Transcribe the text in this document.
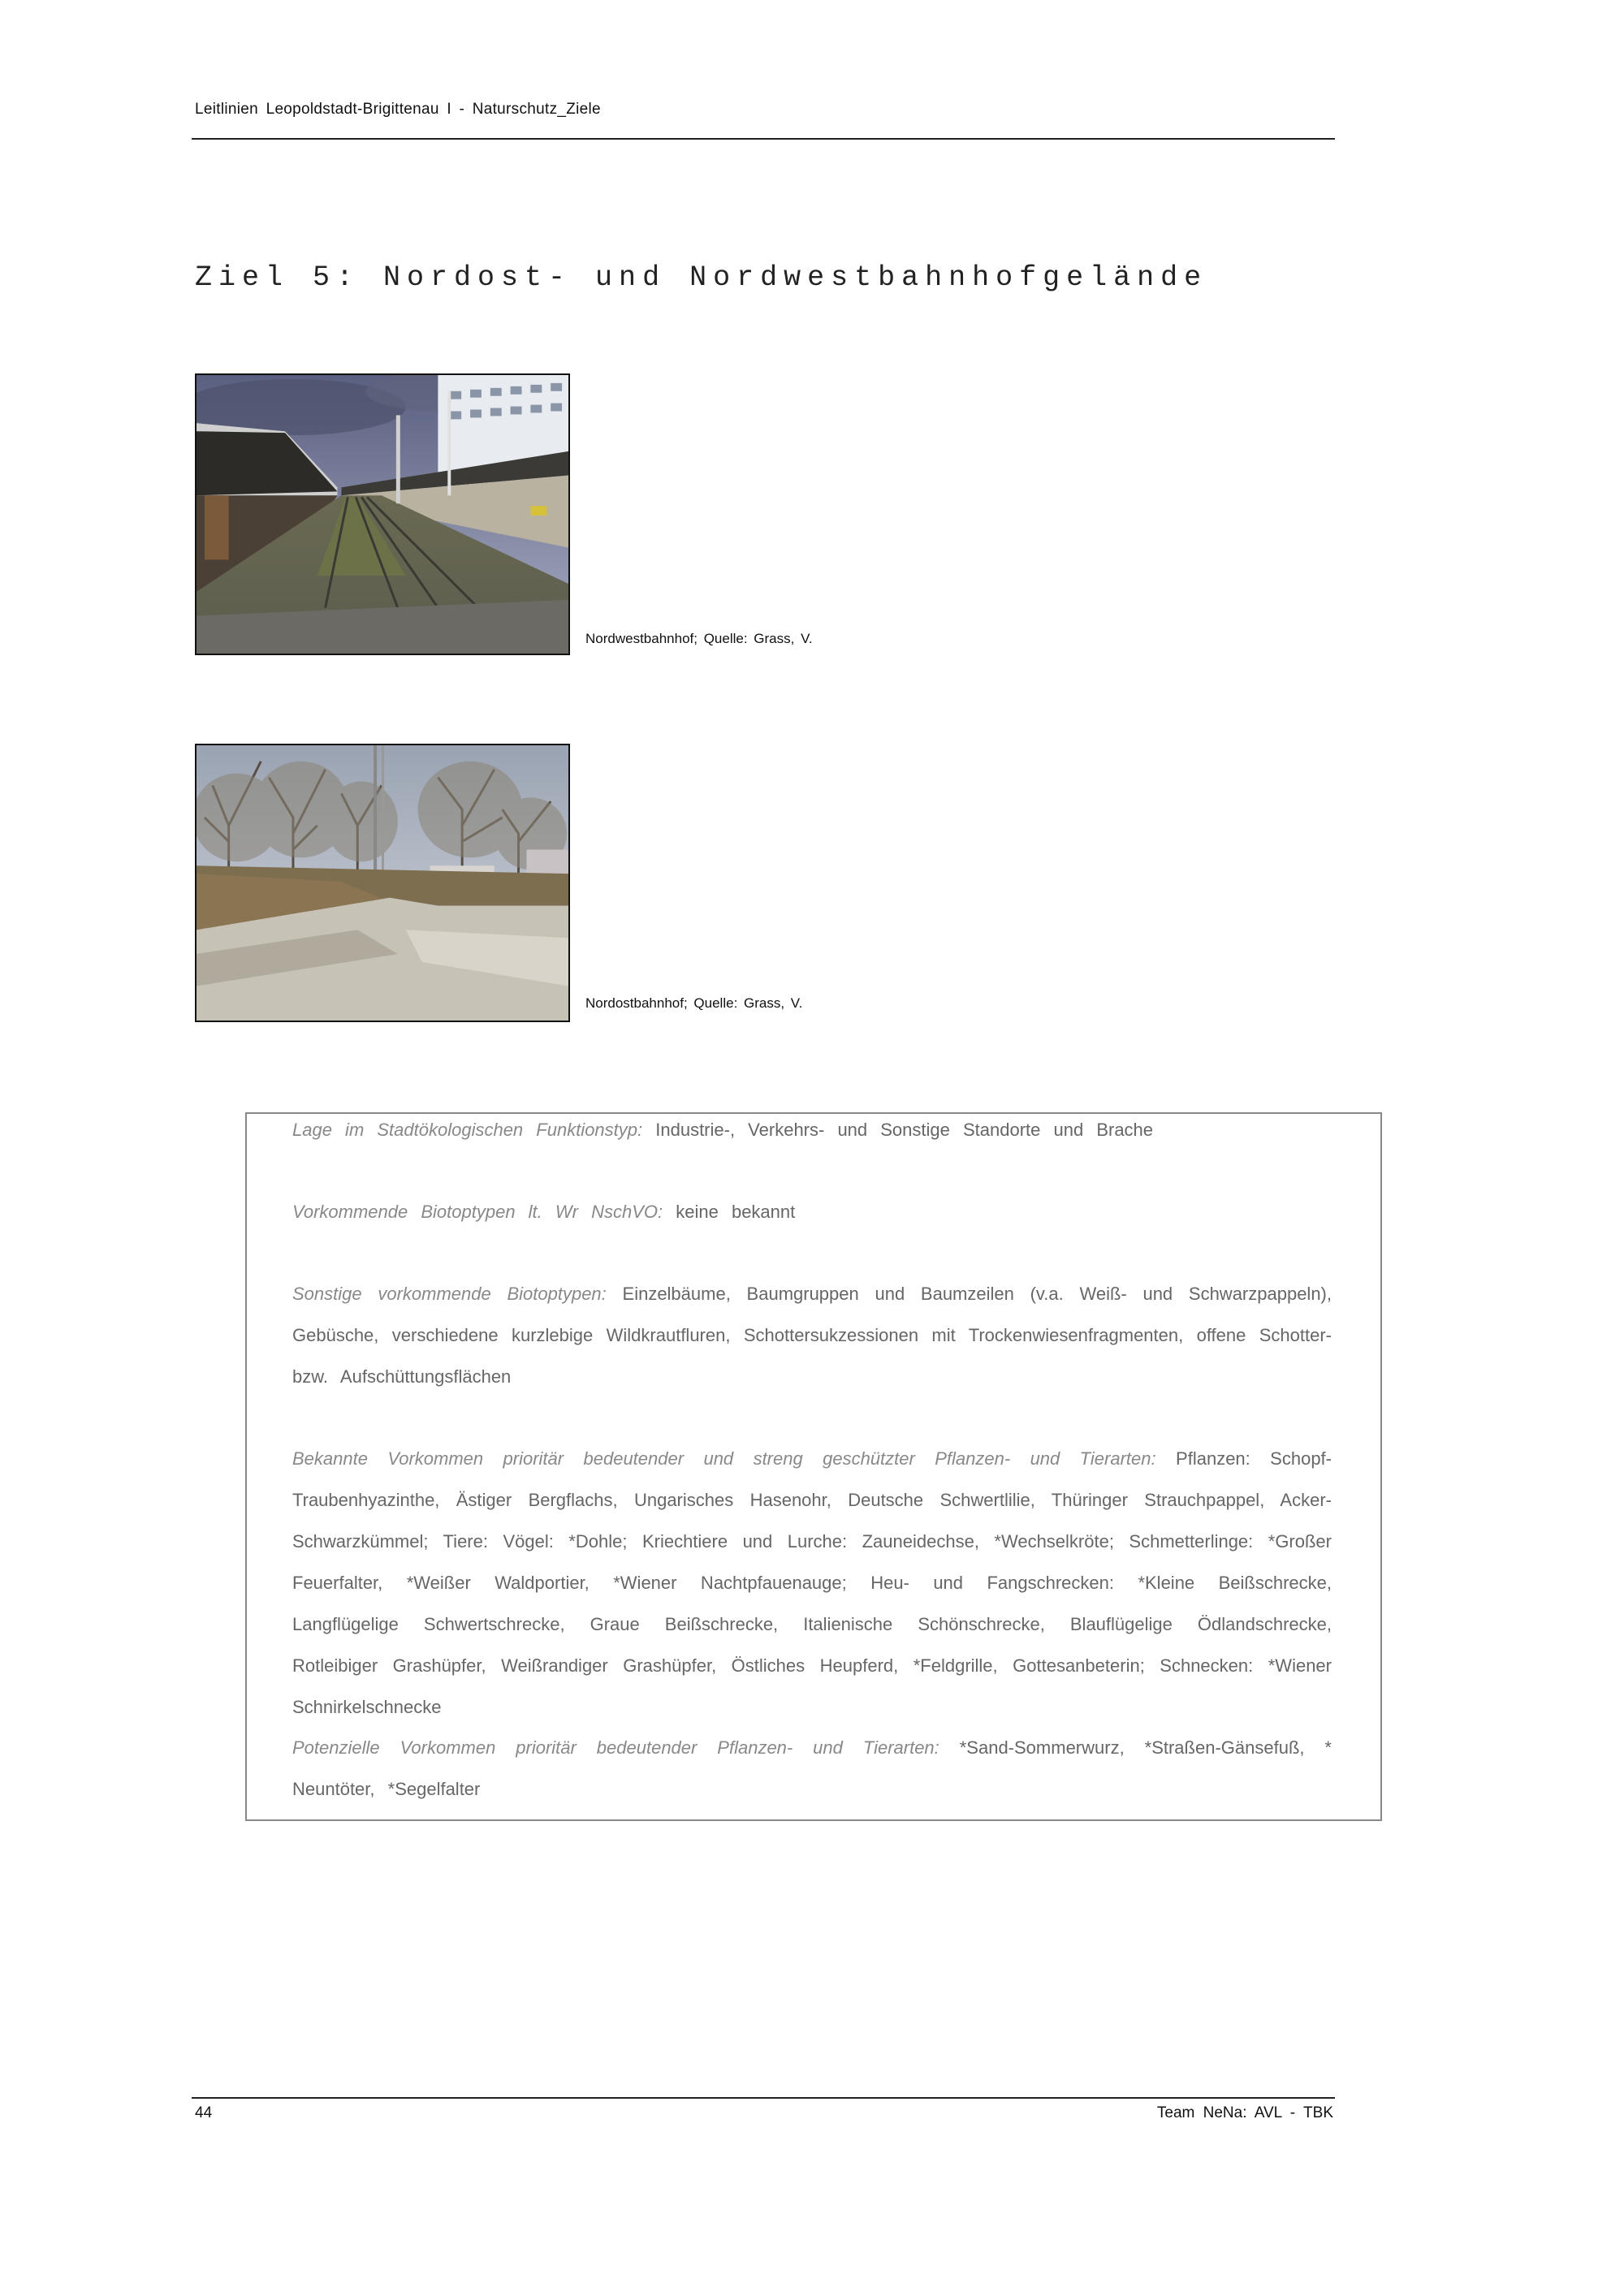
Leitlinien Leopoldstadt-Brigittenau I - Naturschutz_Ziele
Ziel 5: Nordost- und Nordwestbahnhofgelände
Nordwestbahnhof; Quelle: Grass, V.
Nordostbahnhof; Quelle: Grass, V.
Lage im Stadtökologischen Funktionstyp: Industrie-, Verkehrs- und Sonstige Standorte und Brache
Vorkommende Biotoptypen lt. Wr NschVO: keine bekannt
Sonstige vorkommende Biotoptypen: Einzelbäume, Baumgruppen und Baumzeilen (v.a. Weiß- und Schwarzpappeln), Gebüsche, verschiedene kurzlebige Wildkrautfluren, Schottersukzessionen mit Trockenwiesenfragmenten, offene Schotter- bzw. Aufschüttungsflächen
Bekannte Vorkommen prioritär bedeutender und streng geschützter Pflanzen- und Tierarten: Pflanzen: Schopf-Traubenhyazinthe, Ästiger Bergflachs, Ungarisches Hasenohr, Deutsche Schwertlilie, Thüringer Strauchpappel, Acker-Schwarzkümmel; Tiere: Vögel: *Dohle; Kriechtiere und Lurche: Zauneidechse, *Wechselkröte; Schmetterlinge: *Großer Feuerfalter, *Weißer Waldportier, *Wiener Nachtpfauenauge; Heu- und Fangschrecken: *Kleine Beißschrecke, Langflügelige Schwertschrecke, Graue Beißschrecke, Italienische Schönschrecke, Blauflügelige Ödlandschrecke, Rotleibiger Grashüpfer, Weißrandiger Grashüpfer, Östliches Heupferd, *Feldgrille, Gottesanbeterin; Schnecken: *Wiener Schnirkelschnecke
Potenzielle Vorkommen prioritär bedeutender Pflanzen- und Tierarten: *Sand-Sommerwurz, *Straßen-Gänsefuß, * Neuntöter, *Segelfalter
44	Team NeNa: AVL - TBK
